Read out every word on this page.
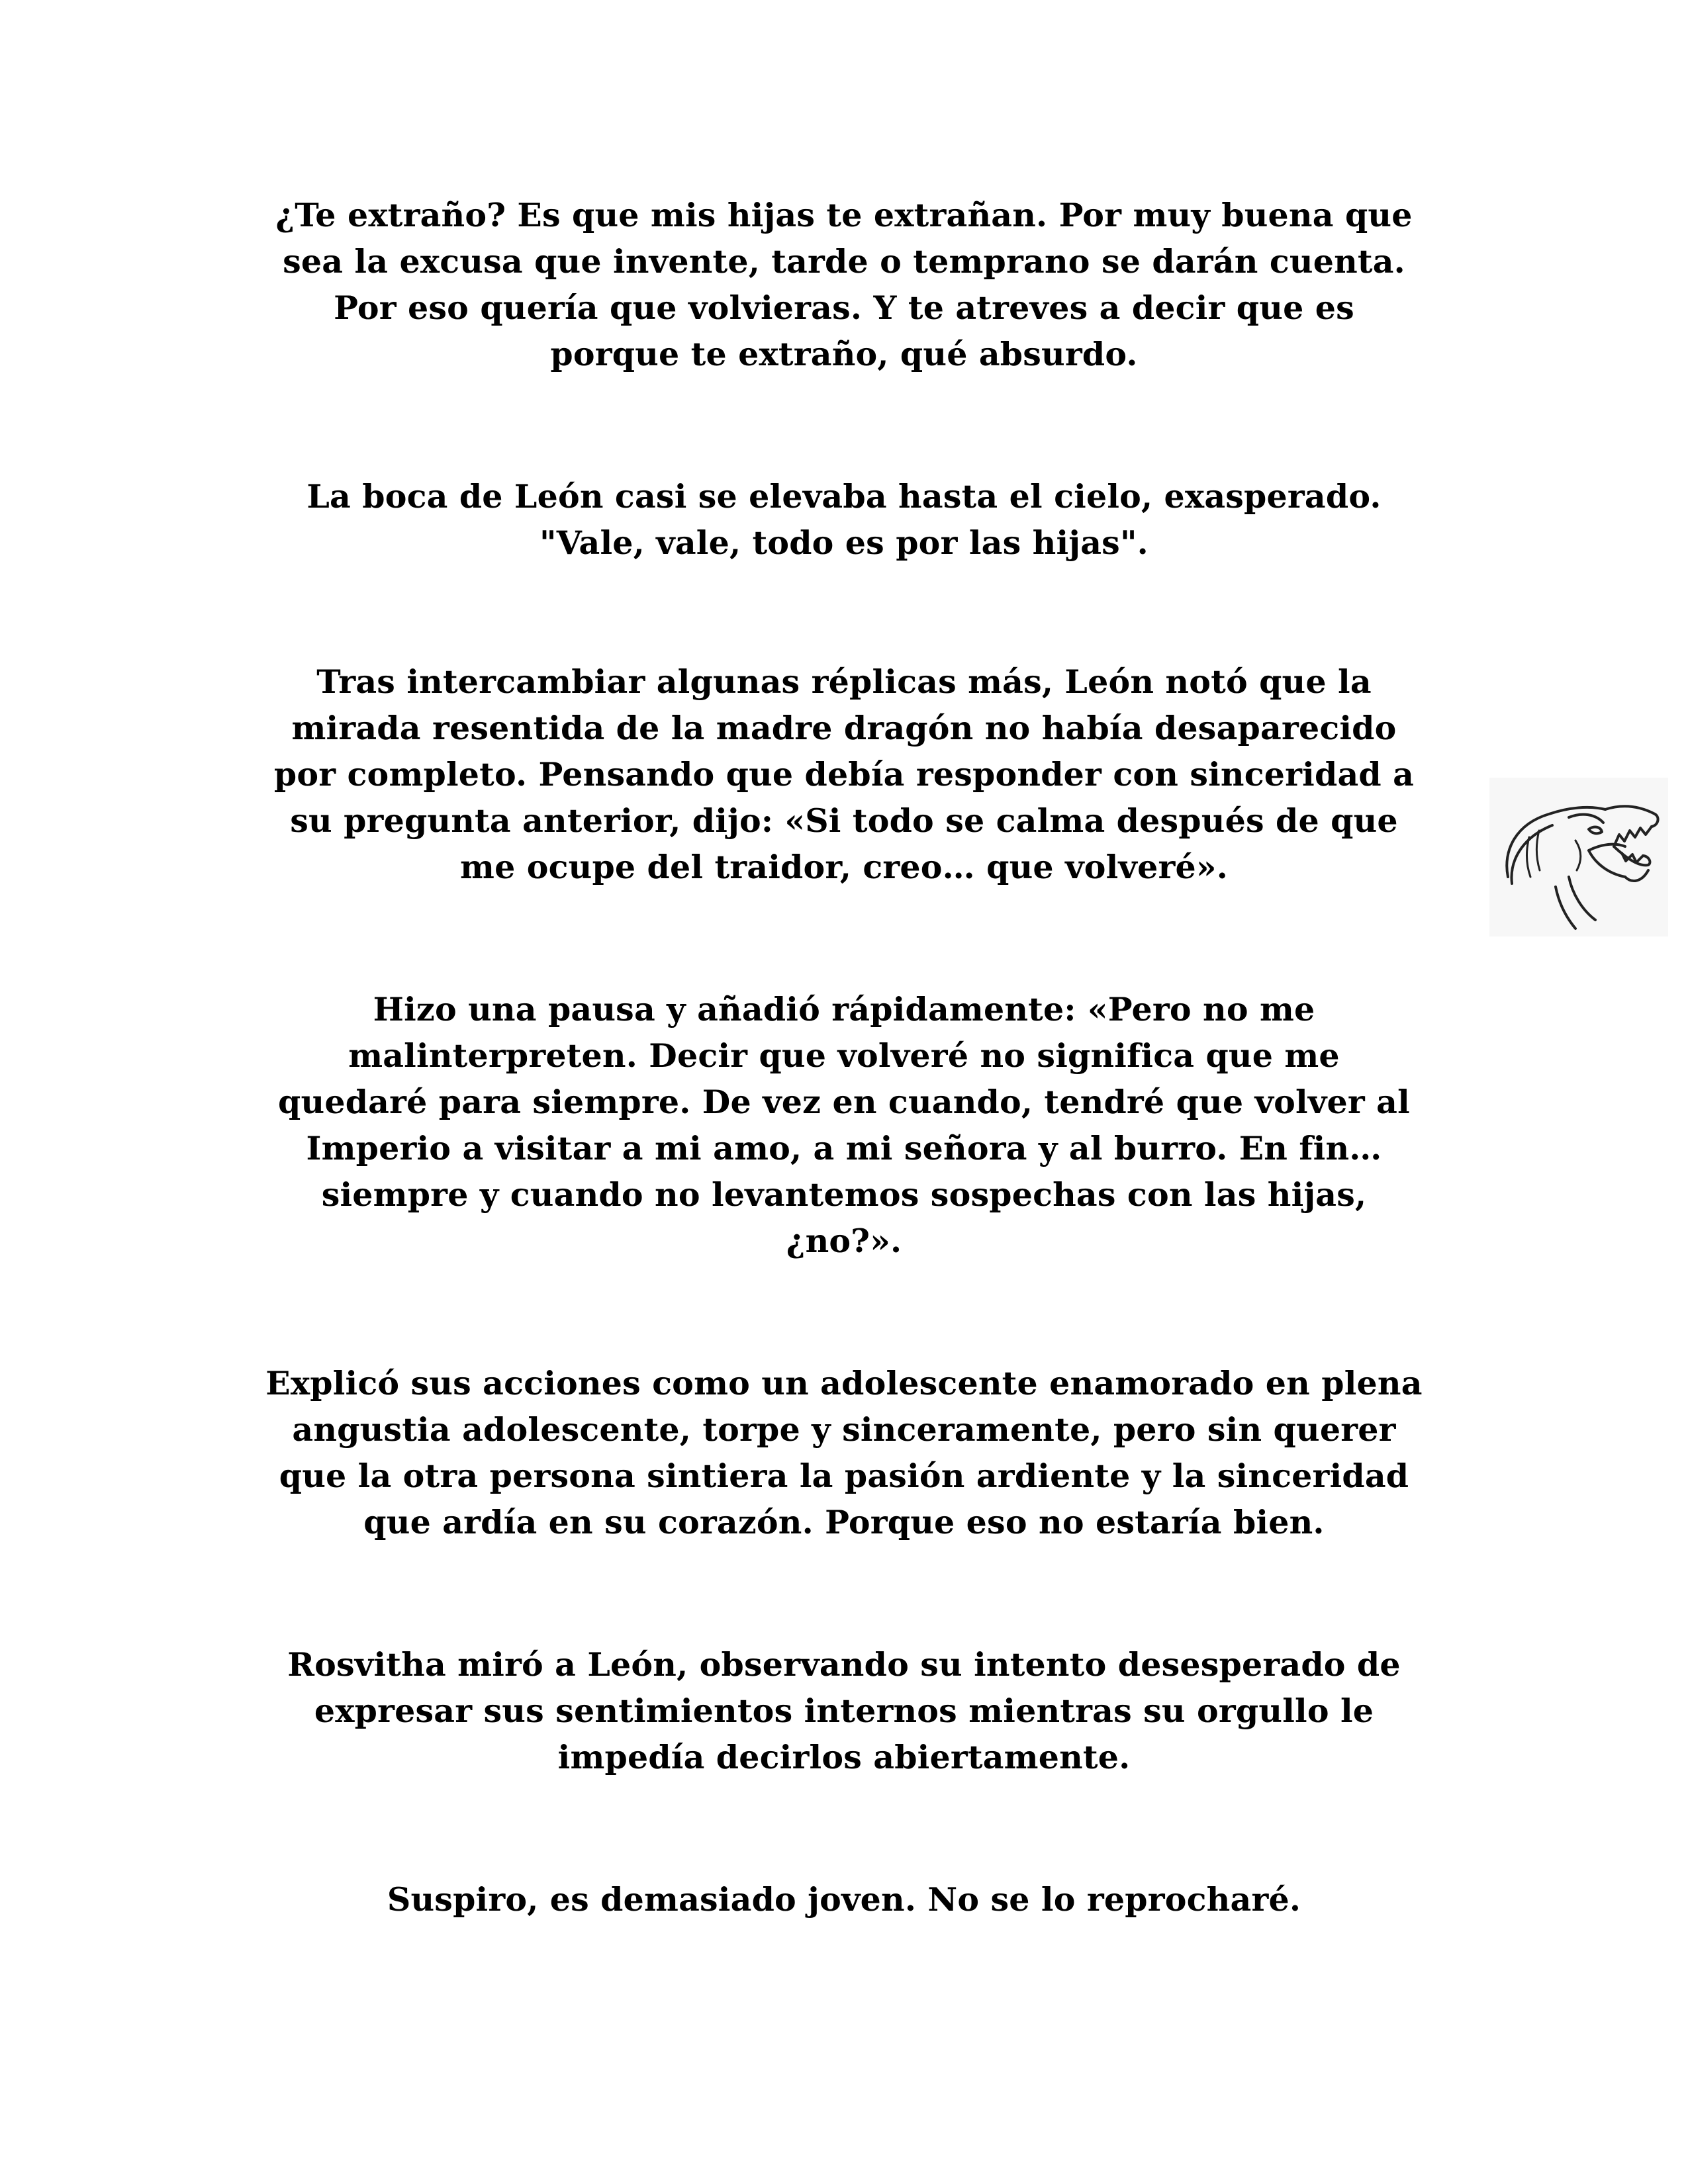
¿Te extraño? Es que mis hijas te extrañan. Por muy buena que
sea la excusa que invente, tarde o temprano se darán cuenta.
Por eso quería que volvieras. Y te atreves a decir que es
porque te extraño, qué absurdo.

La boca de León casi se elevaba hasta el cielo, exasperado.
"Vale, vale, todo es por las hijas".

Tras intercambiar algunas réplicas más, León notó que la
mirada resentida de la madre dragón no había desaparecido
por completo. Pensando que debía responder con sinceridad a
su pregunta anterior, dijo: «Si todo se calma después de que
me ocupe del traidor, creo… que volveré».

Hizo una pausa y añadió rápidamente: «Pero no me
malinterpreten. Decir que volveré no significa que me
quedaré para siempre. De vez en cuando, tendré que volver al
Imperio a visitar a mi amo, a mi señora y al burro. En fin…
siempre y cuando no levantemos sospechas con las hijas,
¿no?».

Explicó sus acciones como un adolescente enamorado en plena
angustia adolescente, torpe y sinceramente, pero sin querer
que la otra persona sintiera la pasión ardiente y la sinceridad
que ardía en su corazón. Porque eso no estaría bien.

Rosvitha miró a León, observando su intento desesperado de
expresar sus sentimientos internos mientras su orgullo le
impedía decirlos abiertamente.

Suspiro, es demasiado joven. No se lo reprocharé.
